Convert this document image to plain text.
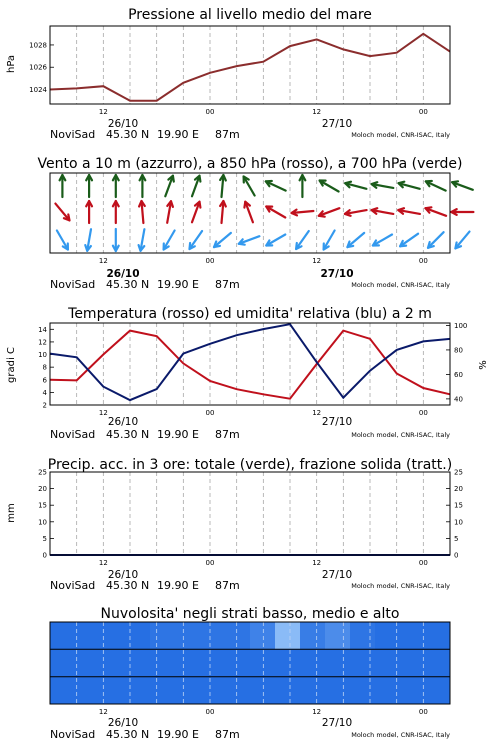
Pressione al livello medio del mare
1024
1026
1028
hPa
12	00	12	00
26/10	27/10
NoviSad 45.30 N 19.90 E 87m	Moloch model, CNR-ISAC, Italy
Vento a 10 m (azzurro), a 850 hPa (rosso), a 700 hPa (verde)
12	00	12	00
26/10	27/10
NoviSad 45.30 N 19.90 E 87m	Moloch model, CNR-ISAC, Italy
Temperatura (rosso) ed umidita' relativa (blu) a 2 m
2
4
6
8
10
12
14
40
60
80
100
gradi C	%
12	00	12	00
26/10	27/10
NoviSad 45.30 N 19.90 E 87m	Moloch model, CNR-ISAC, Italy
Precip. acc. in 3 ore: totale (verde), frazione solida (tratt.)
0
5
10
15
20
25
0
5
10
15
20
25
mm
12	00	12	00
26/10	27/10
NoviSad 45.30 N 19.90 E 87m	Moloch model, CNR-ISAC, Italy
Nuvolosita' negli strati basso, medio e alto
12	00	12	00
26/10	27/10
NoviSad 45.30 N 19.90 E 87m	Moloch model, CNR-ISAC, Italy
